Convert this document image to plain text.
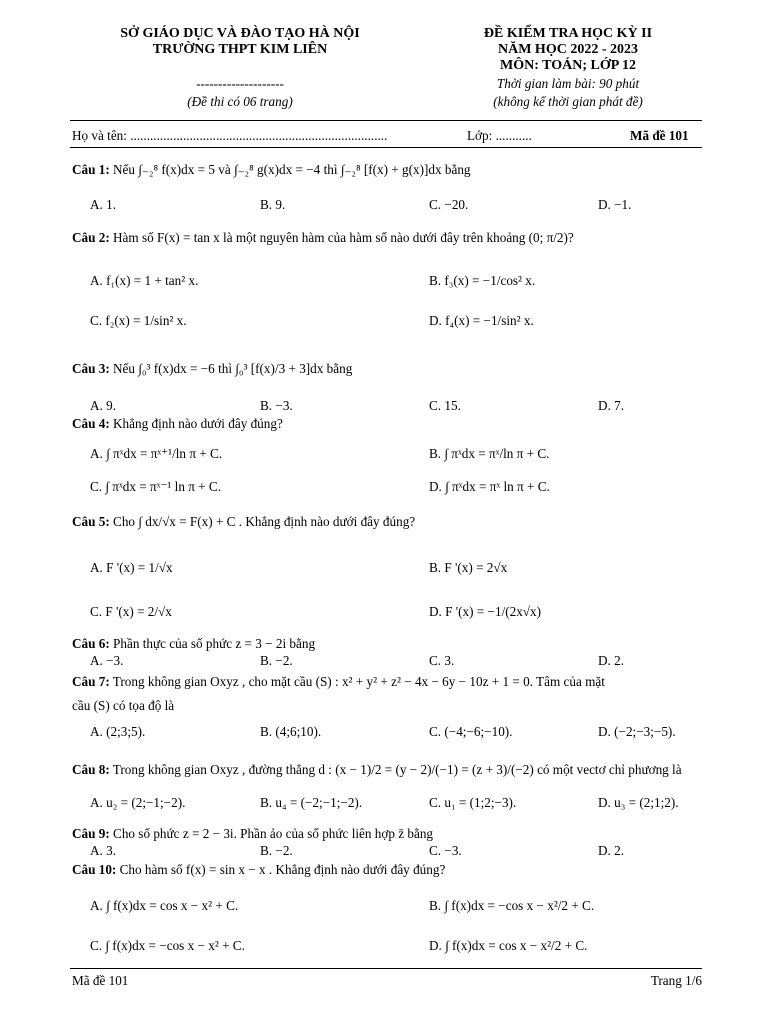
SỞ GIÁO DỤC VÀ ĐÀO TẠO HÀ NỘI
TRƯỜNG THPT KIM LIÊN
--------------------
(Đề thi có 06 trang)
ĐỀ KIỂM TRA HỌC KỲ II
NĂM HỌC 2022 - 2023
MÔN: TOÁN; LỚP 12
Thời gian làm bài: 90 phút
(không kể thời gian phát đề)
Họ và tên: ..............................................................................	Lớp: ...........	Mã đề 101
Câu 1: Nếu ∫₋₂⁸ f(x)dx = 5 và ∫₋₂⁸ g(x)dx = −4 thì ∫₋₂⁸ [f(x) + g(x)]dx bằng
A. 1.	B. 9.	C. −20.	D. −1.
Câu 2: Hàm số F(x) = tan x là một nguyên hàm của hàm số nào dưới đây trên khoảng (0; π/2)?
A. f₁(x) = 1 + tan² x.	B. f₃(x) = −1/cos² x.
C. f₂(x) = 1/sin² x.	D. f₄(x) = −1/sin² x.
Câu 3: Nếu ∫₀³ f(x)dx = −6 thì ∫₀³ [f(x)/3 + 3]dx bằng
A. 9.	B. −3.	C. 15.	D. 7.
Câu 4: Khẳng định nào dưới đây đúng?
A. ∫ πˣdx = πˣ⁺¹/ln π + C.	B. ∫ πˣdx = πˣ/ln π + C.
C. ∫ πˣdx = πˣ⁻¹ ln π + C.	D. ∫ πˣdx = πˣ ln π + C.
Câu 5: Cho ∫ dx/√x = F(x) + C . Khẳng định nào dưới đây đúng?
A. F '(x) = 1/√x	B. F '(x) = 2√x
C. F '(x) = 2/√x	D. F '(x) = −1/(2x√x)
Câu 6: Phần thực của số phức z = 3 − 2i bằng
A. −3.	B. −2.	C. 3.	D. 2.
Câu 7: Trong không gian Oxyz , cho mặt cầu (S) : x² + y² + z² − 4x − 6y − 10z + 1 = 0. Tâm của mặt
cầu (S) có tọa độ là
A. (2;3;5).	B. (4;6;10).	C. (−4;−6;−10).	D. (−2;−3;−5).
Câu 8: Trong không gian Oxyz , đường thẳng d : (x − 1)/2 = (y − 2)/(−1) = (z + 3)/(−2) có một vectơ chỉ phương là
A. u₂ = (2;−1;−2).	B. u₄ = (−2;−1;−2).	C. u₁ = (1;2;−3).	D. u₃ = (2;1;2).
Câu 9: Cho số phức z = 2 − 3i. Phần ảo của số phức liên hợp z̄ bằng
A. 3.	B. −2.	C. −3.	D. 2.
Câu 10: Cho hàm số f(x) = sin x − x . Khẳng định nào dưới đây đúng?
A. ∫ f(x)dx = cos x − x² + C.	B. ∫ f(x)dx = −cos x − x²/2 + C.
C. ∫ f(x)dx = −cos x − x² + C.	D. ∫ f(x)dx = cos x − x²/2 + C.
Mã đề 101	Trang 1/6
